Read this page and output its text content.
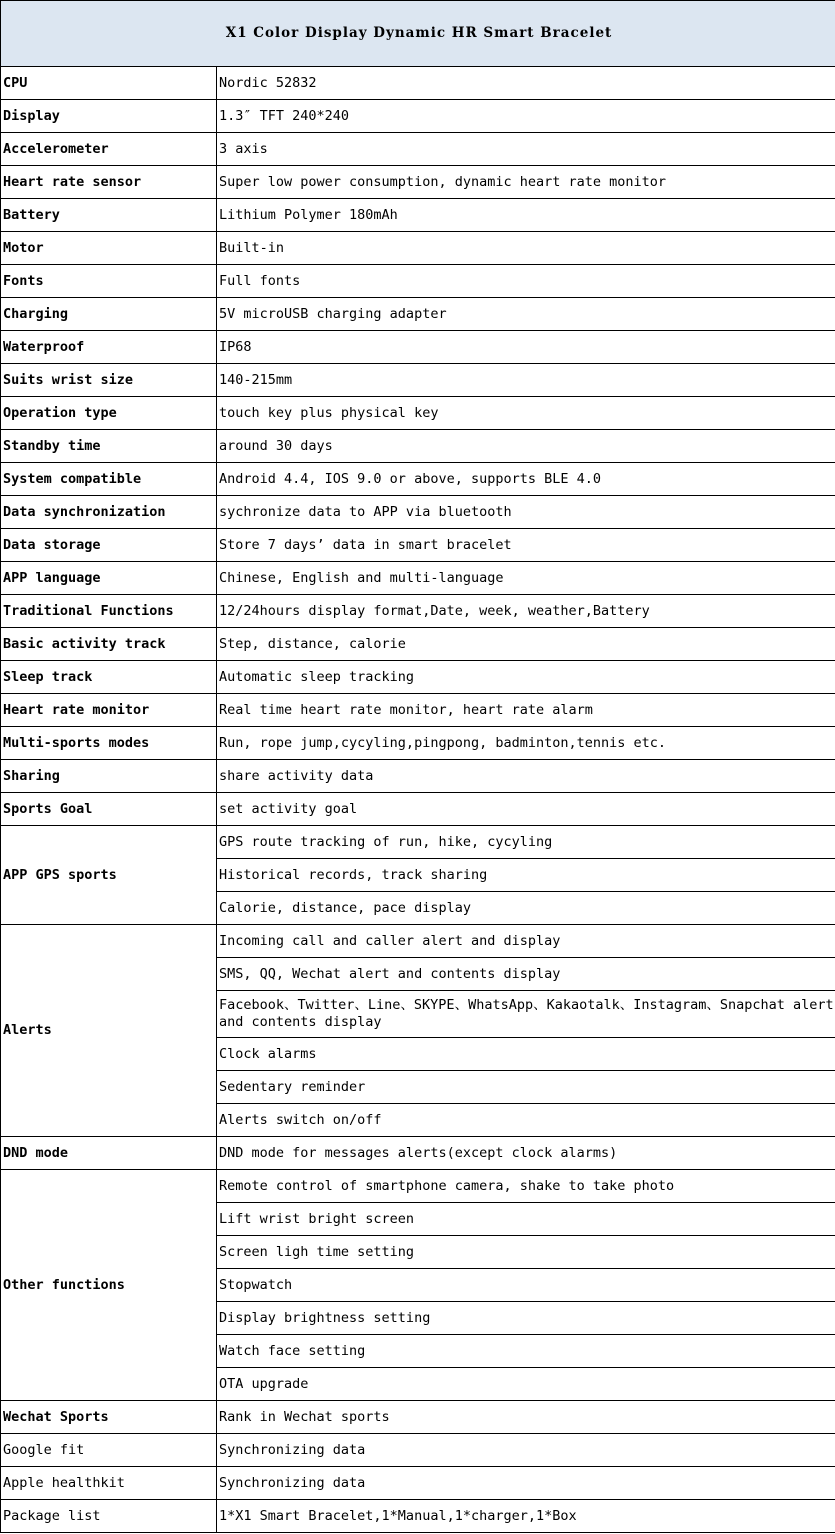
X1 Color Display Dynamic HR Smart Bracelet	
CPU	Nordic 52832
Display	1.3″ TFT 240*240
Accelerometer	3 axis
Heart rate sensor	Super low power consumption, dynamic heart rate monitor
Battery	Lithium Polymer 180mAh
Motor	Built-in
Fonts	Full fonts
Charging	5V microUSB charging adapter
Waterproof	IP68
Suits wrist size	140-215mm
Operation type	touch key plus physical key
Standby time	around 30 days
System compatible	Android 4.4, IOS 9.0 or above, supports BLE 4.0
Data synchronization	sychronize data to APP via bluetooth
Data storage	Store 7 days’ data in smart bracelet
APP language	Chinese, English and multi-language
Traditional Functions	12/24hours display format,Date, week, weather,Battery
Basic activity track	Step, distance, calorie
Sleep track	Automatic sleep tracking
Heart rate monitor	Real time heart rate monitor, heart rate alarm
Multi-sports modes	Run, rope jump,cycyling,pingpong, badminton,tennis etc.
Sharing	share activity data
Sports Goal	set activity goal
APP GPS sports	GPS route tracking of run, hike, cycyling
	Historical records, track sharing
	Calorie, distance, pace display
Alerts	Incoming call and caller alert and display
	SMS, QQ, Wechat alert and contents display
	Facebook、Twitter、Line、SKYPE、WhatsApp、Kakaotalk、Instagram、Snapchat alert and contents display
	Clock alarms
	Sedentary reminder
	Alerts switch on/off
DND mode	DND mode for messages alerts(except clock alarms)
Other functions	Remote control of smartphone camera, shake to take photo
	Lift wrist bright screen
	Screen ligh time setting
	Stopwatch
	Display brightness setting
	Watch face setting
	OTA upgrade
Wechat Sports	Rank in Wechat sports
Google fit	Synchronizing data
Apple healthkit	Synchronizing data
Package list	1*X1 Smart Bracelet,1*Manual,1*charger,1*Box
